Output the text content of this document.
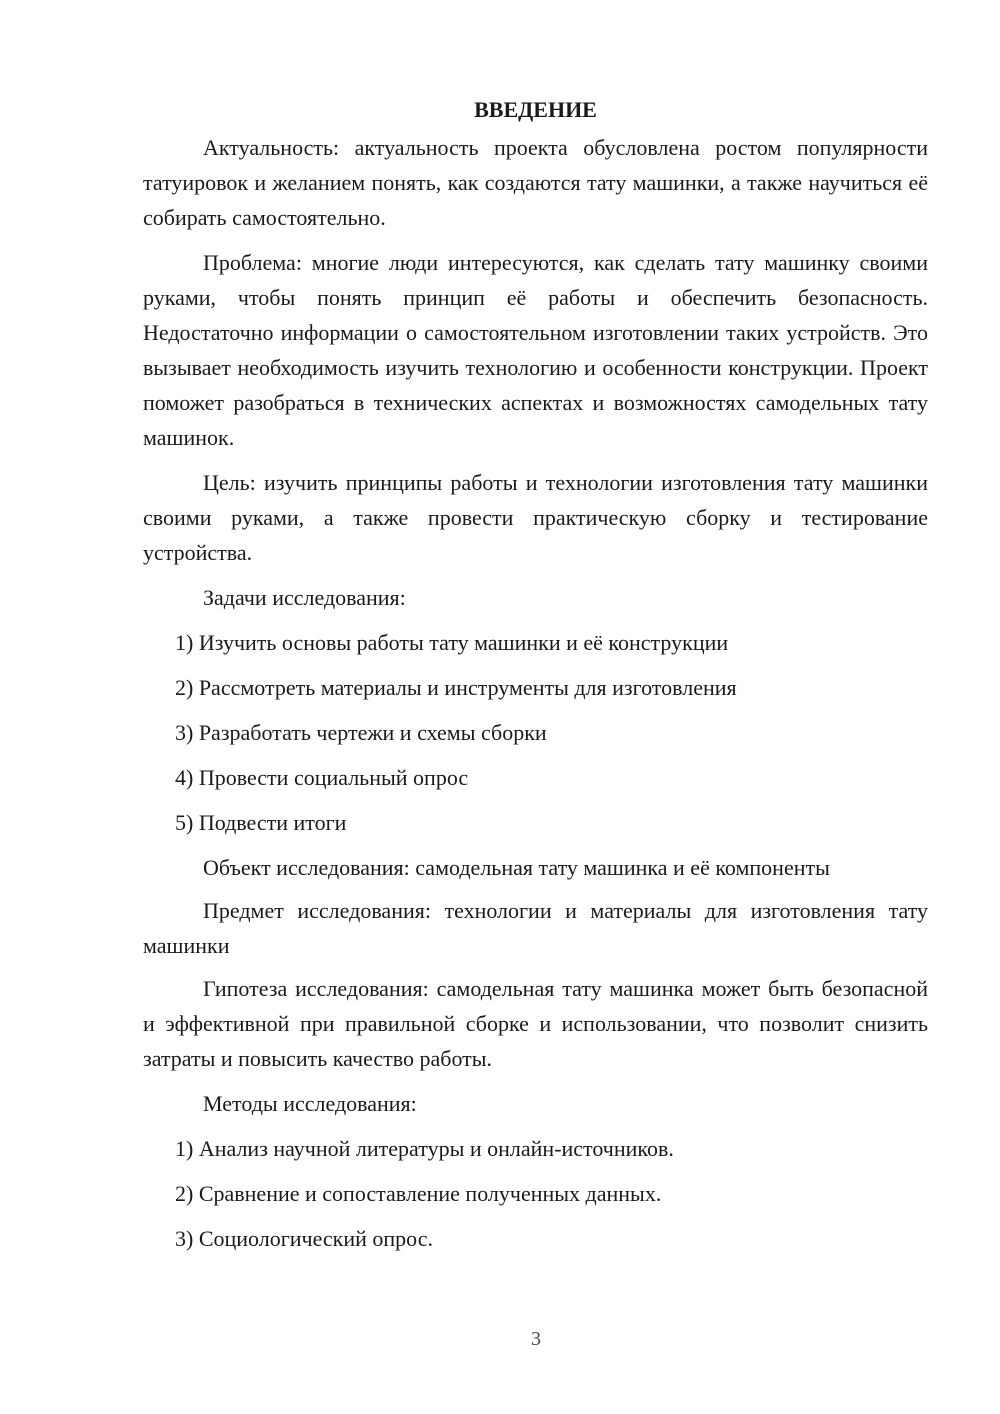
ВВЕДЕНИЕ

Актуальность: актуальность проекта обусловлена ростом популярности татуировок и желанием понять, как создаются тату машинки, а также научиться её собирать самостоятельно.

Проблема: многие люди интересуются, как сделать тату машинку своими руками, чтобы понять принцип её работы и обеспечить безопасность. Недостаточно информации о самостоятельном изготовлении таких устройств. Это вызывает необходимость изучить технологию и особенности конструкции. Проект поможет разобраться в технических аспектах и возможностях самодельных тату машинок.

Цель: изучить принципы работы и технологии изготовления тату машинки своими руками, а также провести практическую сборку и тестирование устройства.

Задачи исследования:

1) Изучить основы работы тату машинки и её конструкции
2) Рассмотреть материалы и инструменты для изготовления
3) Разработать чертежи и схемы сборки
4) Провести социальный опрос
5) Подвести итоги

Объект исследования: самодельная тату машинка и её компоненты

Предмет исследования: технологии и материалы для изготовления тату машинки

Гипотеза исследования: самодельная тату машинка может быть безопасной и эффективной при правильной сборке и использовании, что позволит снизить затраты и повысить качество работы.

Методы исследования:

1) Анализ научной литературы и онлайн-источников.
2) Сравнение и сопоставление полученных данных.
3) Социологический опрос.
3
